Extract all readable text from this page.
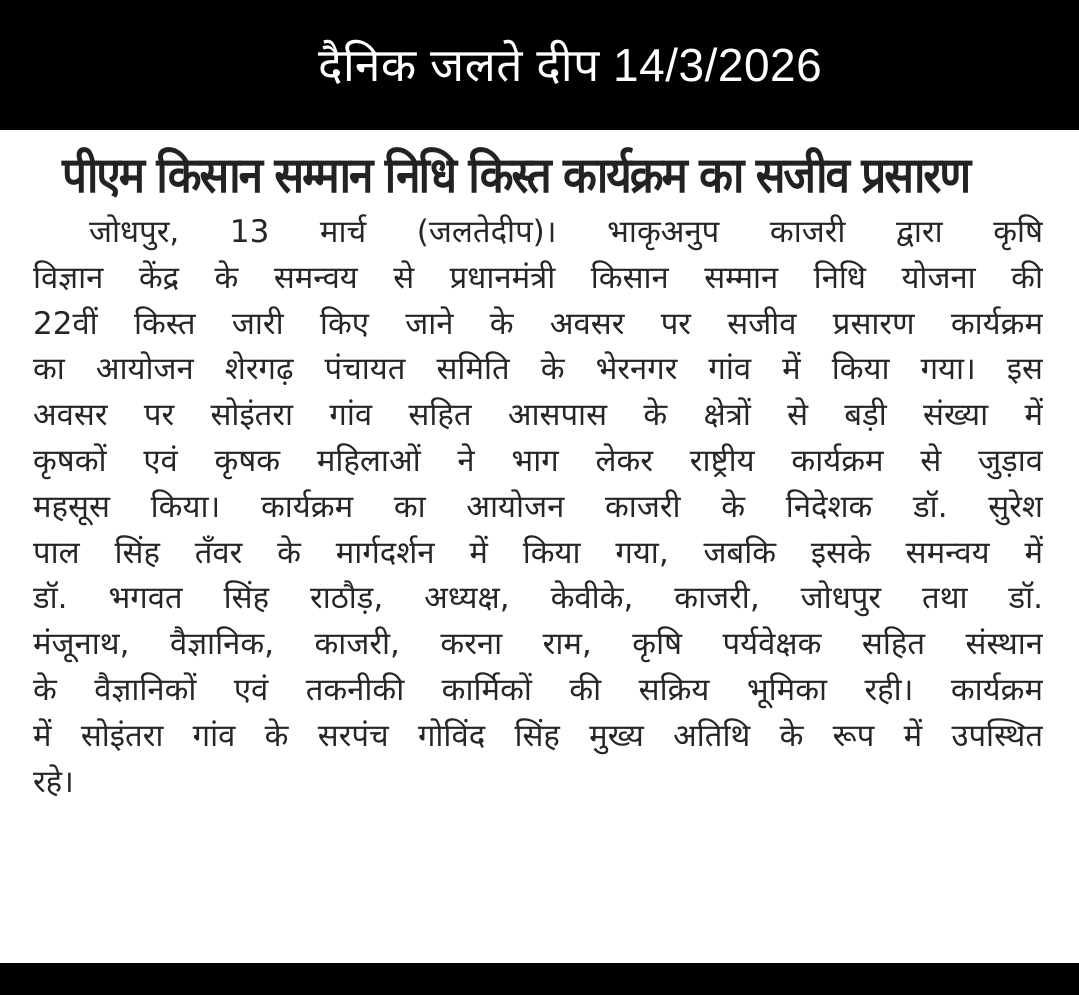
दैनिक जलते दीप 14/3/2026
पीएम किसान सम्मान निधि किस्त कार्यक्रम का सजीव प्रसारण
जोधपुर, 13 मार्च (जलतेदीप)। भाकृअनुप काजरी द्वारा कृषि
विज्ञान केंद्र के समन्वय से प्रधानमंत्री किसान सम्मान निधि योजना की
22वीं किस्त जारी किए जाने के अवसर पर सजीव प्रसारण कार्यक्रम
का आयोजन शेरगढ़ पंचायत समिति के भेरनगर गांव में किया गया। इस
अवसर पर सोइंतरा गांव सहित आसपास के क्षेत्रों से बड़ी संख्या में
कृषकों एवं कृषक महिलाओं ने भाग लेकर राष्ट्रीय कार्यक्रम से जुड़ाव
महसूस किया। कार्यक्रम का आयोजन काजरी के निदेशक डॉ. सुरेश
पाल सिंह तँवर के मार्गदर्शन में किया गया, जबकि इसके समन्वय में
डॉ. भगवत सिंह राठौड़, अध्यक्ष, केवीके, काजरी, जोधपुर तथा डॉ.
मंजूनाथ, वैज्ञानिक, काजरी, करना राम, कृषि पर्यवेक्षक सहित संस्थान
के वैज्ञानिकों एवं तकनीकी कार्मिकों की सक्रिय भूमिका रही। कार्यक्रम
में सोइंतरा गांव के सरपंच गोविंद सिंह मुख्य अतिथि के रूप में उपस्थित
रहे।
